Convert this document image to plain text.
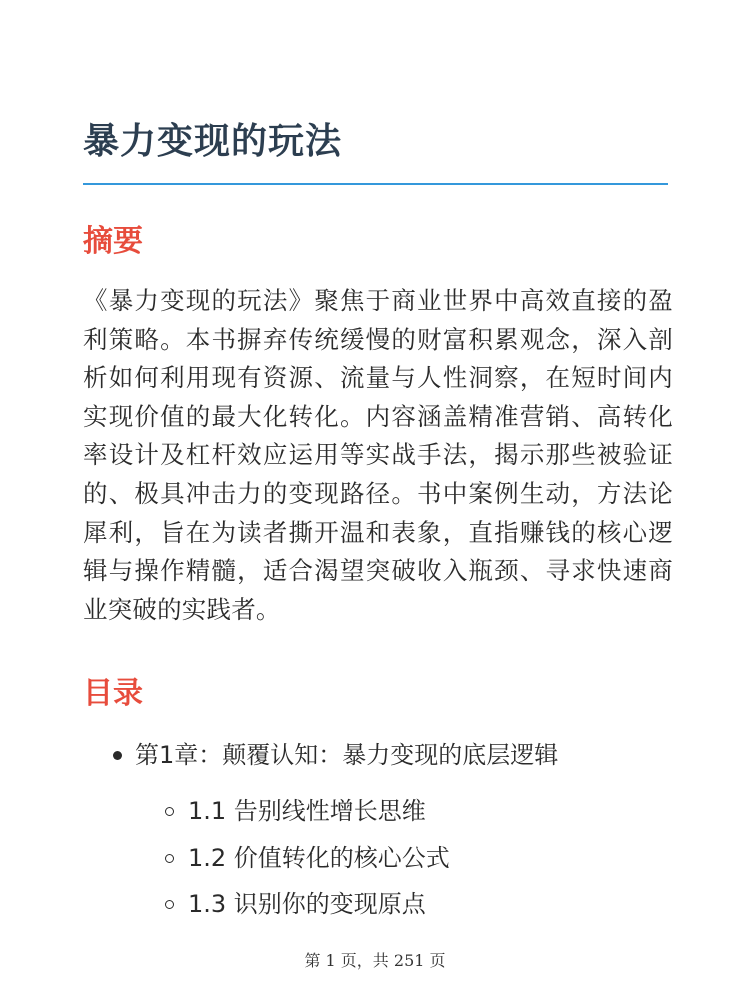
暴力变现的玩法
摘要

《暴力变现的玩法》聚焦于商业世界中高效直接的盈利策略。本书摒弃传统缓慢的财富积累观念，深入剖析如何利用现有资源、流量与人性洞察，在短时间内实现价值的最大化转化。内容涵盖精准营销、高转化率设计及杠杆效应运用等实战手法，揭示那些被验证的、极具冲击力的变现路径。书中案例生动，方法论犀利，旨在为读者撕开温和表象，直指赚钱的核心逻辑与操作精髓，适合渴望突破收入瓶颈、寻求快速商业突破的实践者。

目录
第1章：颠覆认知：暴力变现的底层逻辑
1.1 告别线性增长思维
1.2 价值转化的核心公式
1.3 识别你的变现原点
第 1 页，共 251 页
